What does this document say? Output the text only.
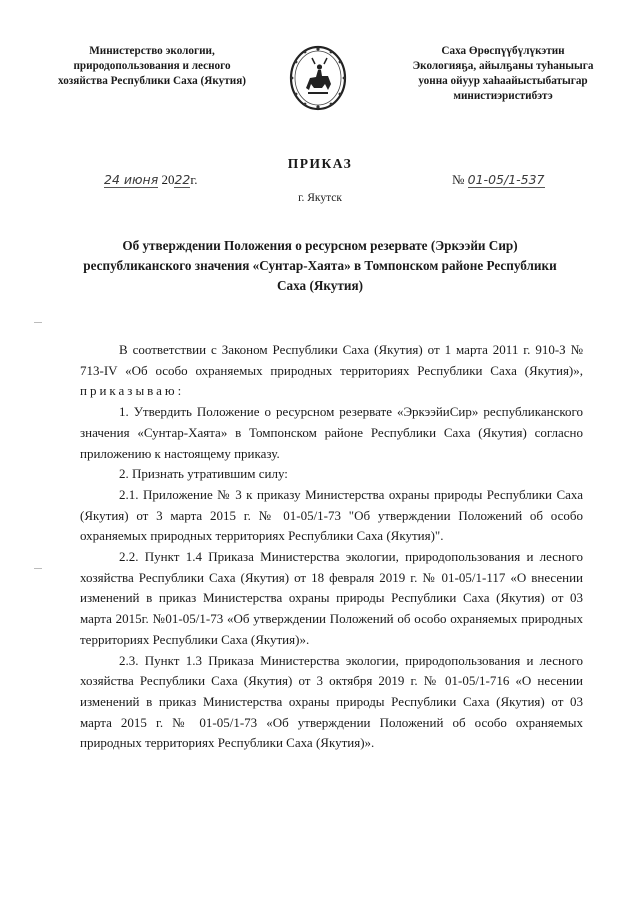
Министерство экологии,
природопользования и лесного
хозяйства Республики Саха (Якутия)
Саха Өрөспүүбүлүкэтин
Экологияҕа, айылҕаны туһаныыга
уонна ойуур хаһаайыстыбатыгар
министиэристибэтэ
ПРИКАЗ
24 июня 2022г.	№ 01-05/1-537
г. Якутск
Об утверждении Положения о ресурсном резервате (Эркээйи Сир) республиканского значения «Сунтар-Хаята» в Томпонском районе Республики Саха (Якутия)

В соответствии с Законом Республики Саха (Якутия) от 1 марта 2011 г. 910-З № 713-IV «Об особо охраняемых природных территориях Республики Саха (Якутия)», приказываю:

1. Утвердить Положение о ресурсном резервате «ЭркээйиСир» республиканского значения «Сунтар-Хаята» в Томпонском районе Республики Саха (Якутия) согласно приложению к настоящему приказу.

2. Признать утратившим силу:

2.1. Приложение № 3 к приказу Министерства охраны природы Республики Саха (Якутия) от 3 марта 2015 г. № 01-05/1-73 "Об утверждении Положений об особо охраняемых природных территориях Республики Саха (Якутия)".

2.2. Пункт 1.4 Приказа Министерства экологии, природопользования и лесного хозяйства Республики Саха (Якутия) от 18 февраля 2019 г. № 01-05/1-117 «О внесении изменений в приказ Министерства охраны природы Республики Саха (Якутия) от 03 марта 2015г. №01-05/1-73 «Об утверждении Положений об особо охраняемых природных территориях Республики Саха (Якутия)».

2.3. Пункт 1.3 Приказа Министерства экологии, природопользования и лесного хозяйства Республики Саха (Якутия) от 3 октября 2019 г. № 01-05/1-716 «О несении изменений в приказ Министерства охраны природы Республики Саха (Якутия) от 03 марта 2015 г. № 01-05/1-73 «Об утверждении Положений об особо охраняемых природных территориях Республики Саха (Якутия)».
